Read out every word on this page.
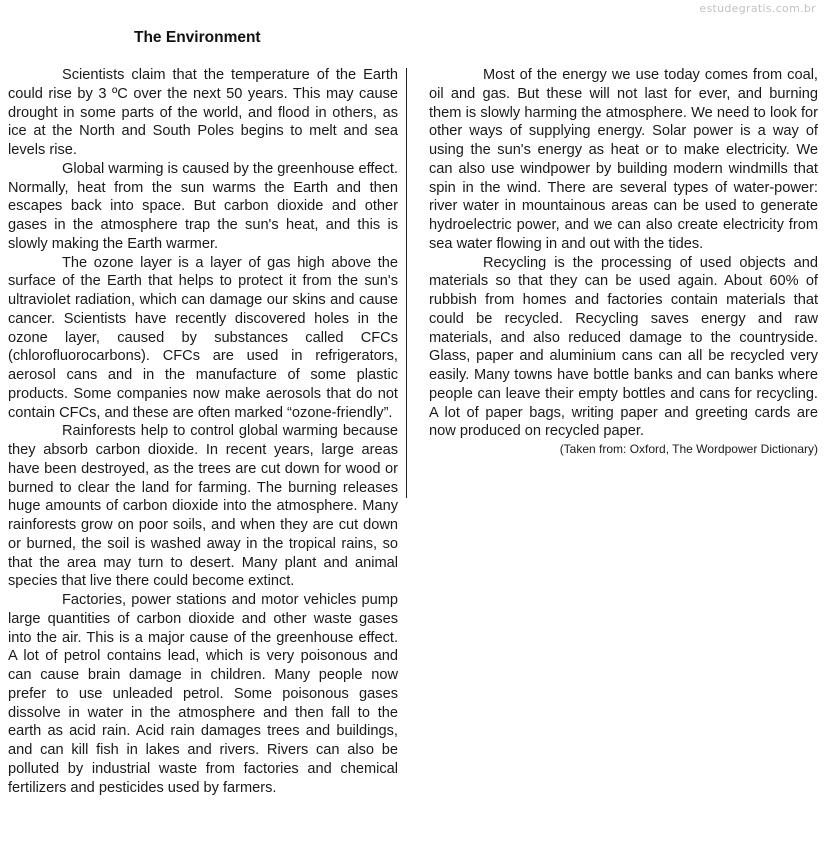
estudegratis.com.br
The Environment

Scientists claim that the temperature of the Earth could rise by 3 ºC over the next 50 years. This may cause drought in some parts of the world, and flood in others, as ice at the North and South Poles begins to melt and sea levels rise.

Global warming is caused by the greenhouse effect. Normally, heat from the sun warms the Earth and then escapes back into space. But carbon dioxide and other gases in the atmosphere trap the sun's heat, and this is slowly making the Earth warmer.

The ozone layer is a layer of gas high above the surface of the Earth that helps to protect it from the sun's ultraviolet radiation, which can damage our skins and cause cancer. Scientists have recently discovered holes in the ozone layer, caused by substances called CFCs (chlorofluorocarbons). CFCs are used in refrigerators, aerosol cans and in the manufacture of some plastic products. Some companies now make aerosols that do not contain CFCs, and these are often marked “ozone-friendly”.

Rainforests help to control global warming because they absorb carbon dioxide. In recent years, large areas have been destroyed, as the trees are cut down for wood or burned to clear the land for farming. The burning releases huge amounts of carbon dioxide into the atmosphere. Many rainforests grow on poor soils, and when they are cut down or burned, the soil is washed away in the tropical rains, so that the area may turn to desert. Many plant and animal species that live there could become extinct.

Factories, power stations and motor vehicles pump large quantities of carbon dioxide and other waste gases into the air. This is a major cause of the greenhouse effect. A lot of petrol contains lead, which is very poisonous and can cause brain damage in children. Many people now prefer to use unleaded petrol. Some poisonous gases dissolve in water in the atmosphere and then fall to the earth as acid rain. Acid rain damages trees and buildings, and can kill fish in lakes and rivers. Rivers can also be polluted by industrial waste from factories and chemical fertilizers and pesticides used by farmers.

Most of the energy we use today comes from coal, oil and gas. But these will not last for ever, and burning them is slowly harming the atmosphere. We need to look for other ways of supplying energy. Solar power is a way of using the sun's energy as heat or to make electricity. We can also use windpower by building modern windmills that spin in the wind. There are several types of water-power: river water in mountainous areas can be used to generate hydroelectric power, and we can also create electricity from sea water flowing in and out with the tides.

Recycling is the processing of used objects and materials so that they can be used again. About 60% of rubbish from homes and factories contain materials that could be recycled. Recycling saves energy and raw materials, and also reduced damage to the countryside. Glass, paper and aluminium cans can all be recycled very easily. Many towns have bottle banks and can banks where people can leave their empty bottles and cans for recycling. A lot of paper bags, writing paper and greeting cards are now produced on recycled paper.

(Taken from: Oxford, The Wordpower Dictionary)
